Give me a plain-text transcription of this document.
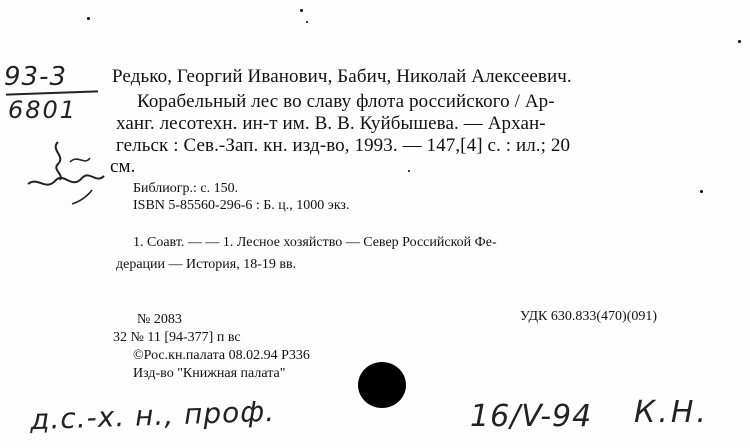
93-3
6801
2023
Редько, Георгий Иванович, Бабич, Николай Алексеевич.
Корабельный лес во славу флота российского / Ар-
ханг. лесотехн. ин-т им. В. В. Куйбышева. — Архан-
гельск : Сев.-Зап. кн. изд-во, 1993. — 147,[4] с. : ил.; 20
см.
Библиогр.: с. 150.
ISBN 5-85560-296-6 : Б. ц., 1000 экз.
1. Соавт. — — 1. Лесное хозяйство — Север Российской Фе-
дерации — История, 18-19 вв.
№ 2083	УДК 630.833(470)(091)
32 № 11 [94-377] п вс
©Рос.кн.палата 08.02.94 Р336
Изд-во "Книжная палата"
д.с.-х. н., проф.	16/V-94 К.Н.
